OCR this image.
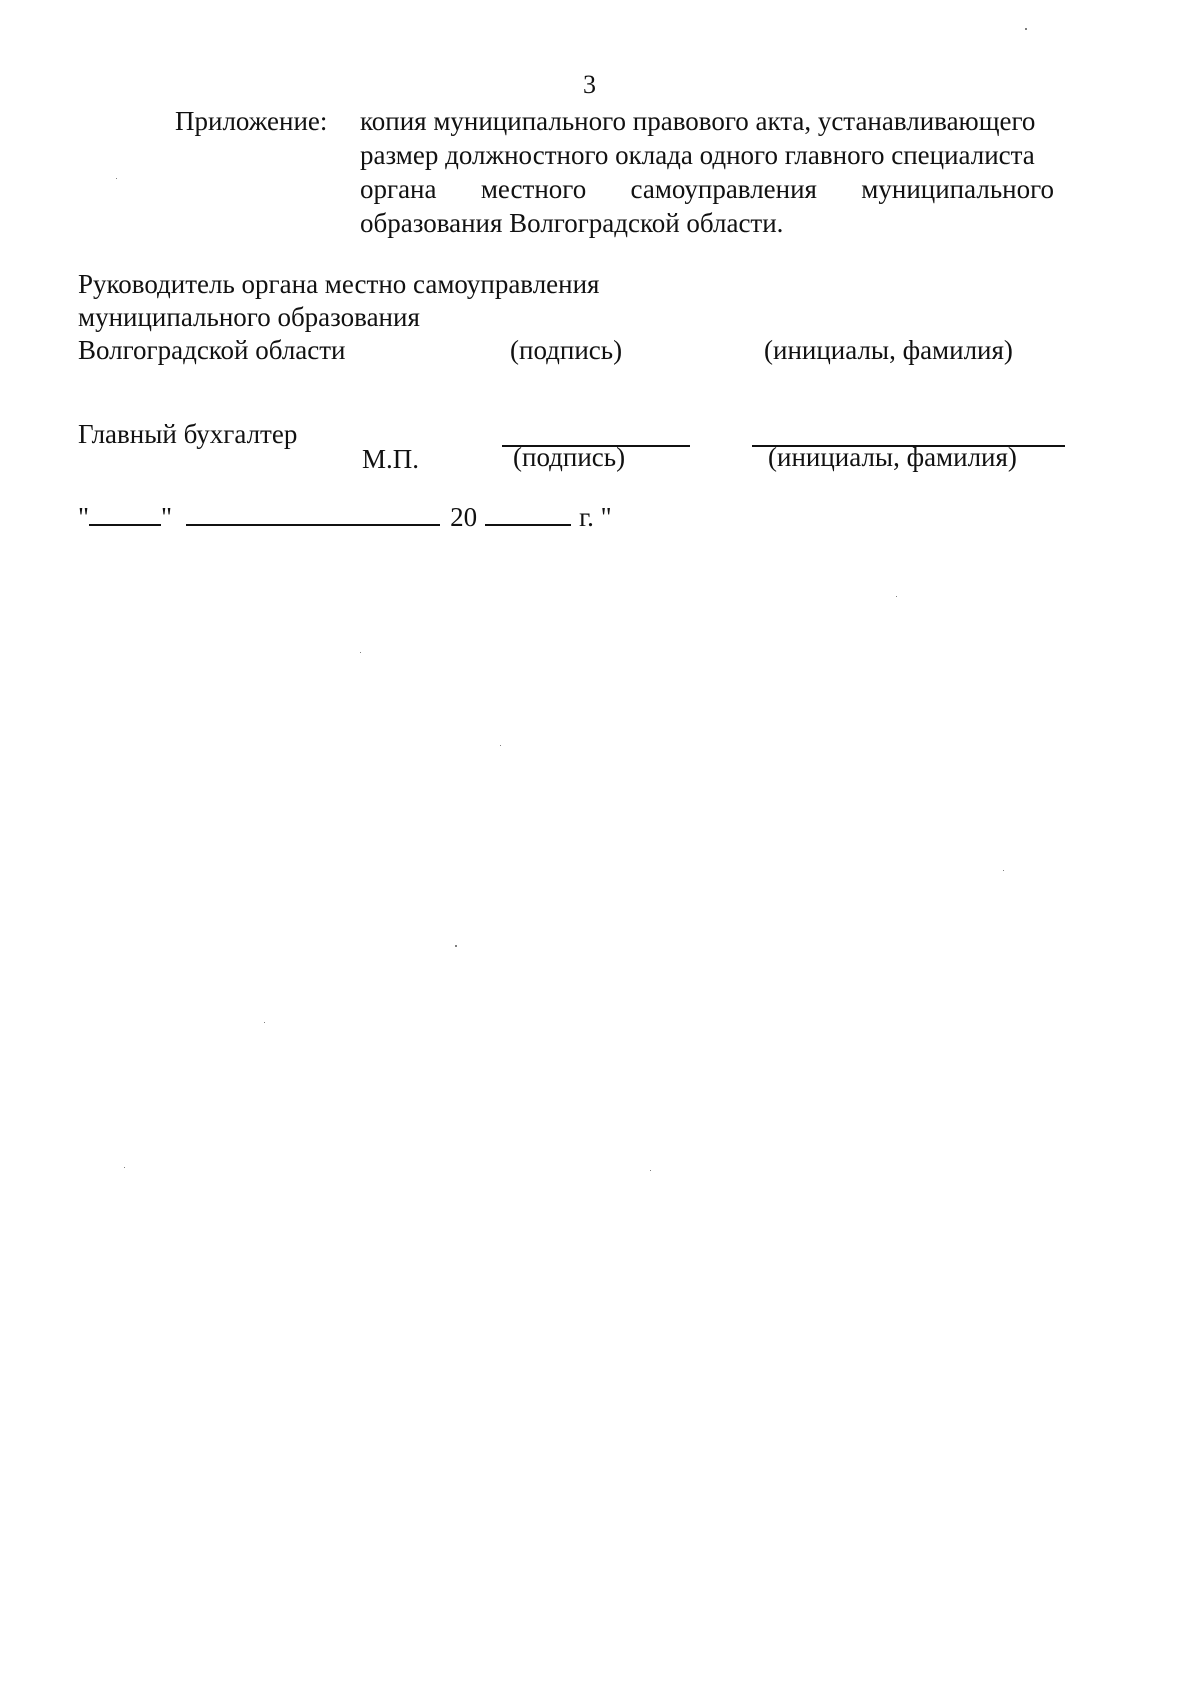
3
Приложение: копия муниципального правового акта, устанавливающего
размер должностного оклада одного главного специалиста
органа местного самоуправления муниципального
образования Волгоградской области.
Руководитель органа местно самоуправления
муниципального образования
Волгоградской области	(подпись)	(инициалы, фамилия)
Главный бухгалтер
М.П.	(подпись)	(инициалы, фамилия)
"	"	20	г. "
